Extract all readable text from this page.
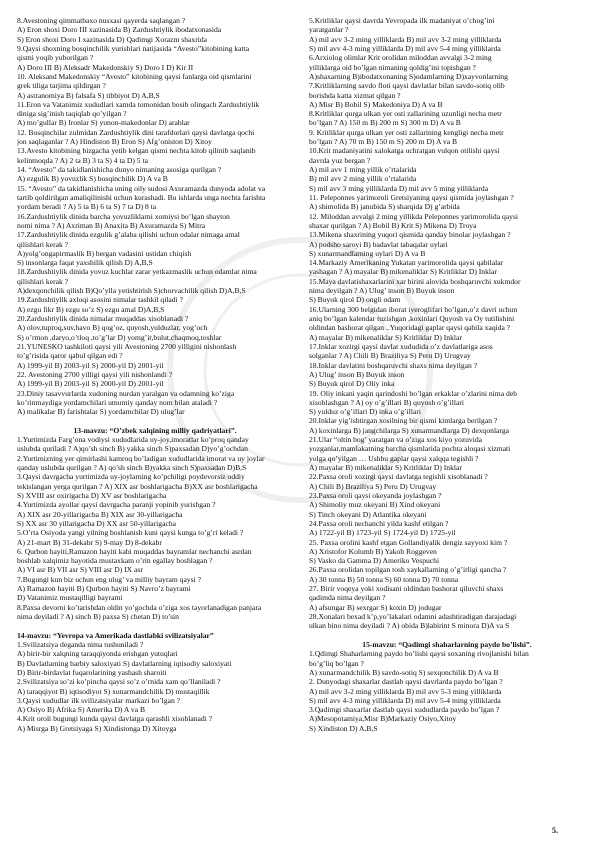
8.Avestoning qimmatbaxo nusxasi qayerda saqlangan ?
A) Eron shoxi Doro III xazinasida B) Zardushtiylik ibodatxonasida
S) Eron shoxi Doro I xazinasida D) Qadimgi Xorazm shaxrida
9.Qaysi shoxning bosqinchilik yurishlari natijasida “Avesto”kitobining katta
qismi yoqib yuborilgan ?
A) Doro III B) Aleksadr Makedonskiy S) Doro I D) Kir II
10. Aleksand Makedonskiy “Avesto” kitobining qaysi fanlarga oid qismlarini
grek tiliga tarjima qildirgan ?
A) astranomiya B) falsafa S) tibbiyot D) A,B,S
11.Eron va Vatanimiz xududlari xamda tomonidan bosib olingach Zardushtiylik
diniga sig’inish taqiqlab qo’yilgan ?
A) mo’gullar B) Ironlar S) yunon-makedonlar D) arablar
12. Bosqinchilar zulmidan Zardushtiylik dini tarafdorlari qaysi davlatga qochi
jon saqlaganlar ? A) Hindiston B) Eron S) Afg’oniston D) Xitoy
13.Avesto kitobining bizgacha yetib kelgan qismi nechta kitob qilinib saqlanib
kelinmoqda ? A) 2 ta B) 3 ta S) 4 ta D) 5 ta
14. “Avesto” da takidlanishicha dunyo nimaning asosiga qurilgan ?
A) ezgulik B) yovuzlik S) bosqinchilik D) A va B
15. “Avesto” da takidlanishicha uning oily sudosi Axuramazda dunyoda adolat va
tartib qoldirilgan amaliqilinishi uchun kurashadi. Bu ishlarda unga nechta farishta
yordam beradi ? A) 5 ta B) 6 ta S) 7 ta D) 8 ta
16.Zardushtiylik dinida barcha yovuzliklarni xomiysi bo’lgan shayton
nomi nima ? A) Axriman B) Anaxita B) Axuramazda S) Mitra
17.Zardushtiylik dinida ezgulik g’alaba qilishi uchun odalar nimaga amal
qilishlari kerak ?
A)yolg’ongapirmaslik B) bergan vadasini ustidan chiqish
S) insonlarga faqat yaxshilik qilish D) A,B,S
18.Zardushtiylik dinida yovuz kuchlar zarar yetkazmaslik uchun odamlar nima
qilishlari kerak ?
A)dexqonchilik qilish B)Qo’ylla yetishtirish S)chorvachilik qilish D)A,B,S
19.Zardushtiylik axloqi asosini nimalar tashkil qiladi ?
A) ezgu fikr B) ezgu so’z S) ezgu amal D)A,B,S
20.Zardushtiylik dinida nimalar muqaddas xisoblanadi ?
A) olov,tuproq,suv,havo B) qog’oz, quyosh,yulduzlar, yog’och
S) o’rmon ,daryo,o’tloq ,to’g’lar D) yomg’ir,bulut,chaqmoq,toshlar
21.YUNESKO tashkiloti qaysi yili Avestoning 2700 yilligini nishonlash
to’g’risida qaror qabul qilgan edi ?
A) 1999-yil B) 2003-yil S) 2000-yil D) 2001-yil
22. Avestoning 2700 yilligi qaysi yili nishonlandi ?
A) 1999-yil B) 2003-yil S) 2000-yil D) 2001-yil
23.Diniy tasavvurlarda xudoning nurdan yaralgan va odamning ko’ziga
ko’rinmaydiga yordamchilari umumiy qanday nom bilan ataladi ?
A) malikalar B) farishtalar S) yordamchilar D) ulug’lar
13-mavzu: “O’zbek xalqining milliy qadriyatlari”.
1.Yurtimizda Farg’ona vodiysi xududlarida uy-joy,imoratlar ko’proq qanday
uslubda quriladi ? A)qo’sh sinch B) yakka sinch S)paxsadan D)yo’g’ochdan
2.Yurtimizning yer qimirlashi kamroq bo’ladigan xududlarida imorat va uy joylar
qanday uslubda qurilgan ? A) qo’sh sinch B)yakka sinch S)paxsadan D)B,S
3.Qaysi davrgacha yurtimizda uy-joylarning ko’pchiligi poydevorsiz oddiy
tekislangan yerga qurilgan ? A) XIX asr boshlarigacha B)XX asr boshlarigacha
S) XVIII asr oxirigacha D) XV asr boshlarigacha
4.Yurtimizda ayollar qaysi davrgacha paranji yopinib yurishgan ?
A) XIX asr 20-yillarigacha B) XIX asr 30-yillarigacha
S) XX asr 30 yillarigacha D) XX asr 50-yillarigacha
5.O’rta Osiyoda yangi yilning boshlanish kuni qaysi kunga to’g’ri keladi ?
A) 21-mart B) 31-dekabr S) 9-may D) 8-dekabr
6. Qurbon hayiti,Ramazon hayiti kabi muqaddas bayramlar nechanchi asrdan
boshlab xalqimiz hayotida mustaxkam o’rin egallay boshlagan ?
A) VI asr B) VII asr S) VIII asr D) IX asr
7.Bugungi kun biz uchun eng ulug’ va milliy bayram qaysi ?
A) Ramazon hayiti B) Qurbon hayiti S) Navro’z bayrami
D) Vatanimiz mustaqilligi bayrami
8.Paxsa devorni ko’tarishdan oldin yo’gochda o’ziga xos tayorlanadigan panjara
nima deyiladi ? A) sinch B) paxsa S) chetan D) to’sin
14-mavzu: “Yevropa va Amerikada dastlabki svilizatsiyalar”
1.Svilizatsiya deganda nima tushuniladi ?
A) birir-bir xalqning taraqqiyonda erishgan yutuqlari
B) Davlatlarning barbiy saloxiyati S) davlatlarning iqtisodiy saloxiyati
D) Birir-birdavlat fuqarolarining yashash sharoiti
2.Svilizatsiya so’zi ko’pincha qaysi so’z o’rnida xam qo’llaniladi ?
A) taraqqiyot B) iqtisodiyot S) xunarmandchilik D) mustaqillik
3.Qaysi xududlar ilk svilizatsiyalar markazi bo’lgan ?
A) Osiyo B) Afrika S) Amerika D) A va B
4.Krit oroli bugungi kunda qaysi davlatga qarashli xisoblanadi ?
A) Misrga B) Gretsiyaga S) Xindistonga D) Xitoyga
5.Kritliklar qaysi davrda Yevropada ilk madaniyat o’chog’ini
yaratganlar ?
A) mil avv 3-2 ming yilliklarda B) mil avv 3-2 ming yilliklarda
S) mil avv 4-3 ming yilliklarda D) mil avv 5-4 ming yilliklarda
6.Arxiolog olimlar Krit orolidan miloddan avvalgi 3-2 ming
yilliklarga oid bo’lgan nimaning qoldig’ini topishgan ?
A)shaxarning B)ibodatxonaning S)odamlarning D)xayvonlarning
7.Kritliklarning savdo floti qaysi davlatlar bilan savdo-sotiq olib
borishda katta xizmat qilgan ?
A) Misr B) Bobil S) Makedoniya D) A va B
8.Kritliklar qurga ulkan yer osti zallarining uzunligi necha metr
bo’lgan ? A) 150 m B) 200 m S) 300 m D) A va B
9. Kritliklar qurga ulkan yer osti zallarining kengligi necha metr
bo’lgan ? A) 70 m B) 150 m S) 200 m D) A va B
10.Krit madaniyatini xalokatga uchratgan vulqon otilishi qaysi
davrda yuz bergan ?
A) mil avv 1 ming yillik o’rtalarida
B) mil avv 2 ming yillik o’rtalarida
S) mil avv 3 ming yilliklarda D) mil avv 5 ming yilliklarda
11. Peleponnes yarimoroli Gretsiyaning qaysi qismida joylashgan ?
A) shimolida B) janubida S) sharqida D) g’arbida
12. Miloddan avvalgi 2 ming yillikda Peleponnes yarimorolida qaysi
shaxar qurilgan ? A) Bobil B) Krit S) Mikena D) Troya
13.Mikena shaxrining yuqori qismida qanday binolar joylashgan ?
A) podsho saroyi B) badavlat tabaqalar uylari
S) xunarmandlarning uylari D) A va B
14.Markaziy Amerikaning Yukatan yarimorolida qaysi qabilalar
yashagan ? A) mayalar B) mikenaliklar S) Kritliklar D) Inklar
15.Maya davlatishaxarlarini xar birini alovida boshqaruvchi xukmdor
nima deyilgan ? A) Ulug’ inson B) Buyuk inson
S) Buyuk qirol D) ongli odam
16.Ularning 300 belgidan iborat iyeroglifari bo’lgan,o’z davri uchun
aniq bo’lgan kalendar tuzishgan ,koxinlari Quyosh va Oy tutilishini
oldindan bashorat qilgan ..Yuqoridagi gaplar qaysi qabila xaqida ?
A) mayalar B) mikenaliklar S) Kritliklar D) Inklar
17.Inklar xozirgi qaysi davlat xududida o’z davlatlariga asos
solganlar ? A) Chili B) Braziliya S) Peru D) Urugvay
18.Inklar davlatini boshqaruvchi shaxs nima deyilgan ?
A) Ulug’ inson B) Buyuk inson
S) Buyuk qirol D) Oliy inka
19. Oliy inkani yaqin qarindoshi bo’lgan erkaklar o’zlarini nima deb
xisoblashgan ? A) oy o’g’illari B) quyosh o’g’illari
S) yulduz o’g’illari D) inka o’g’illari
20.Inklar yig’ishtirgan xosilning bir qismi kimlarga berilgan ?
A) koxinlarga B) jangchilarga S) xunarmandlarga D) dexqonlarga
21.Ular “oltin bog’ yaratgan va o’ziga xos kiyo yozuvida
yozganlar,mamlakatning barcha qismlarida pochta aloqasi xizmati
yolga qo’yilgan … Ushbu gaplar qaysi xalqqa tegishli ?
A) mayalar B) mikenaliklar S) Kritliklar D) Inklar
22.Paxsa oroli xozirgi qaysi davlatga tegishli xisoblanadi ?
A) Chili B) Braziliya S) Peru D) Urugvay
23.Paxsa oroli qaysi okeyanda joylashgan ?
A) Shimoliy muz okeyani B) Xind okeyani
S) Tinch okeyani D) Atlantika okeyani
24.Paxsa oroli nechanchi yilda kashf etilgan ?
A) 1722-yil B) 1723-yil S) 1724-yil D) 1725-yil
25. Paxsa orolini kashf etgan Gollandiyalik dengiz sayyoxi kim ?
A) Xristofor Kolumb B) Yakob Roggeven
S) Vasko da Gamma D) Ameriko Vespuchi
26.Paxsa orolidan topilgan tosh xaykallarning o’g’irligi qancha ?
A) 30 tonna B) 50 tonna S) 60 tonna D) 70 tonna
27. Birir voqeya yoki xodisani oldindan bashorat qiluvchi shaxs
qadimda nima deyilgan ?
A) afsungar B) sexrgar S) koxin D) jodugar
28.Xonalari bexad k’p,yo’lakalari odamni adashtiradigan darajadagi
ulkan bino nima deyiladi ? A) obida B)labirint S minora D)A va S
15-mavzu: “Qadimgi shaharlarning paydo bo’lishi”.
1.Qdimgi Shaharlarning paydo bo’lishi qaysi soxaning rivojlanishi bilan
bo’g’liq bo’lgan ?
A) xunarmandchilik B) savdo-sotiq S) sexqonchilik D) A va B
2. Dunyodagi shaxarlar dastlab qaysi davrlarda paydo bo’lgan ?
A) mil avv 3-2 ming yilliklarda B) mil avv 5-3 ming yilliklarda
S) mil avv 4-3 ming yilliklarda D) mil avv 5-4 ming yilliklarda
3.Qadimgi shaxarlar dastlab qaysi xududlarda paydo bo’lgan ?
A)Mesopotamiya,Misr B)Markaziy Osiyo,Xitoy
S) Xindiston D) A,B,S
5.
